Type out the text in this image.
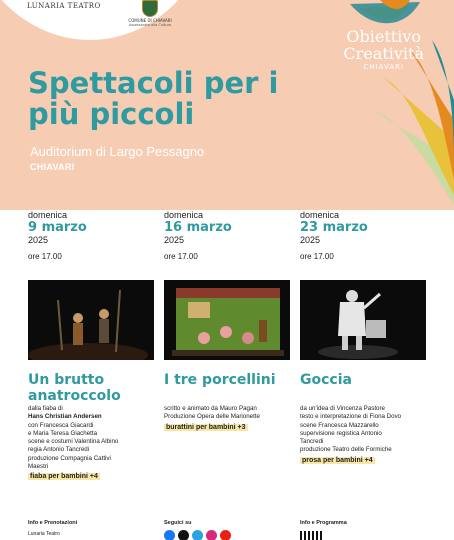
LUNARIA TEATRO
COMUNE DI CHIAVARI
Assessorato alla Cultura
Obiettivo
Creatività
CHIAVARI
Spettacoli per i più piccoli
Auditorium di Largo Pessagno
CHIAVARI
domenica
9 marzo
2025
ore 17.00
domenica
16 marzo
2025
ore 17.00
domenica
23 marzo
2025
ore 17.00
Un brutto anatroccolo
I tre porcellini Goccia
dalla fiaba di
Hans Christian Andersen
con Francesca Giacardi
e Maria Teresa Giachetta
scene e costumi Valentina Albino
regia Antonio Tancredi
produzione Compagnia Cattivi
Maestri
fiaba per bambini +4
scritto e animato da Mauro Pagan
Produzione Opera delle Marionette
burattini per bambini +3
da un'idea di Vincenza Pastore
testo e interpretazione di Fiona Dovo
scene Francesca Mazzarello
supervisione registica Antonio
Tancredi
produzione Teatro delle Formiche
prosa per bambini +4
Info e Prenotazioni
Lunaria Teatro
Seguici su	Info e Programma
